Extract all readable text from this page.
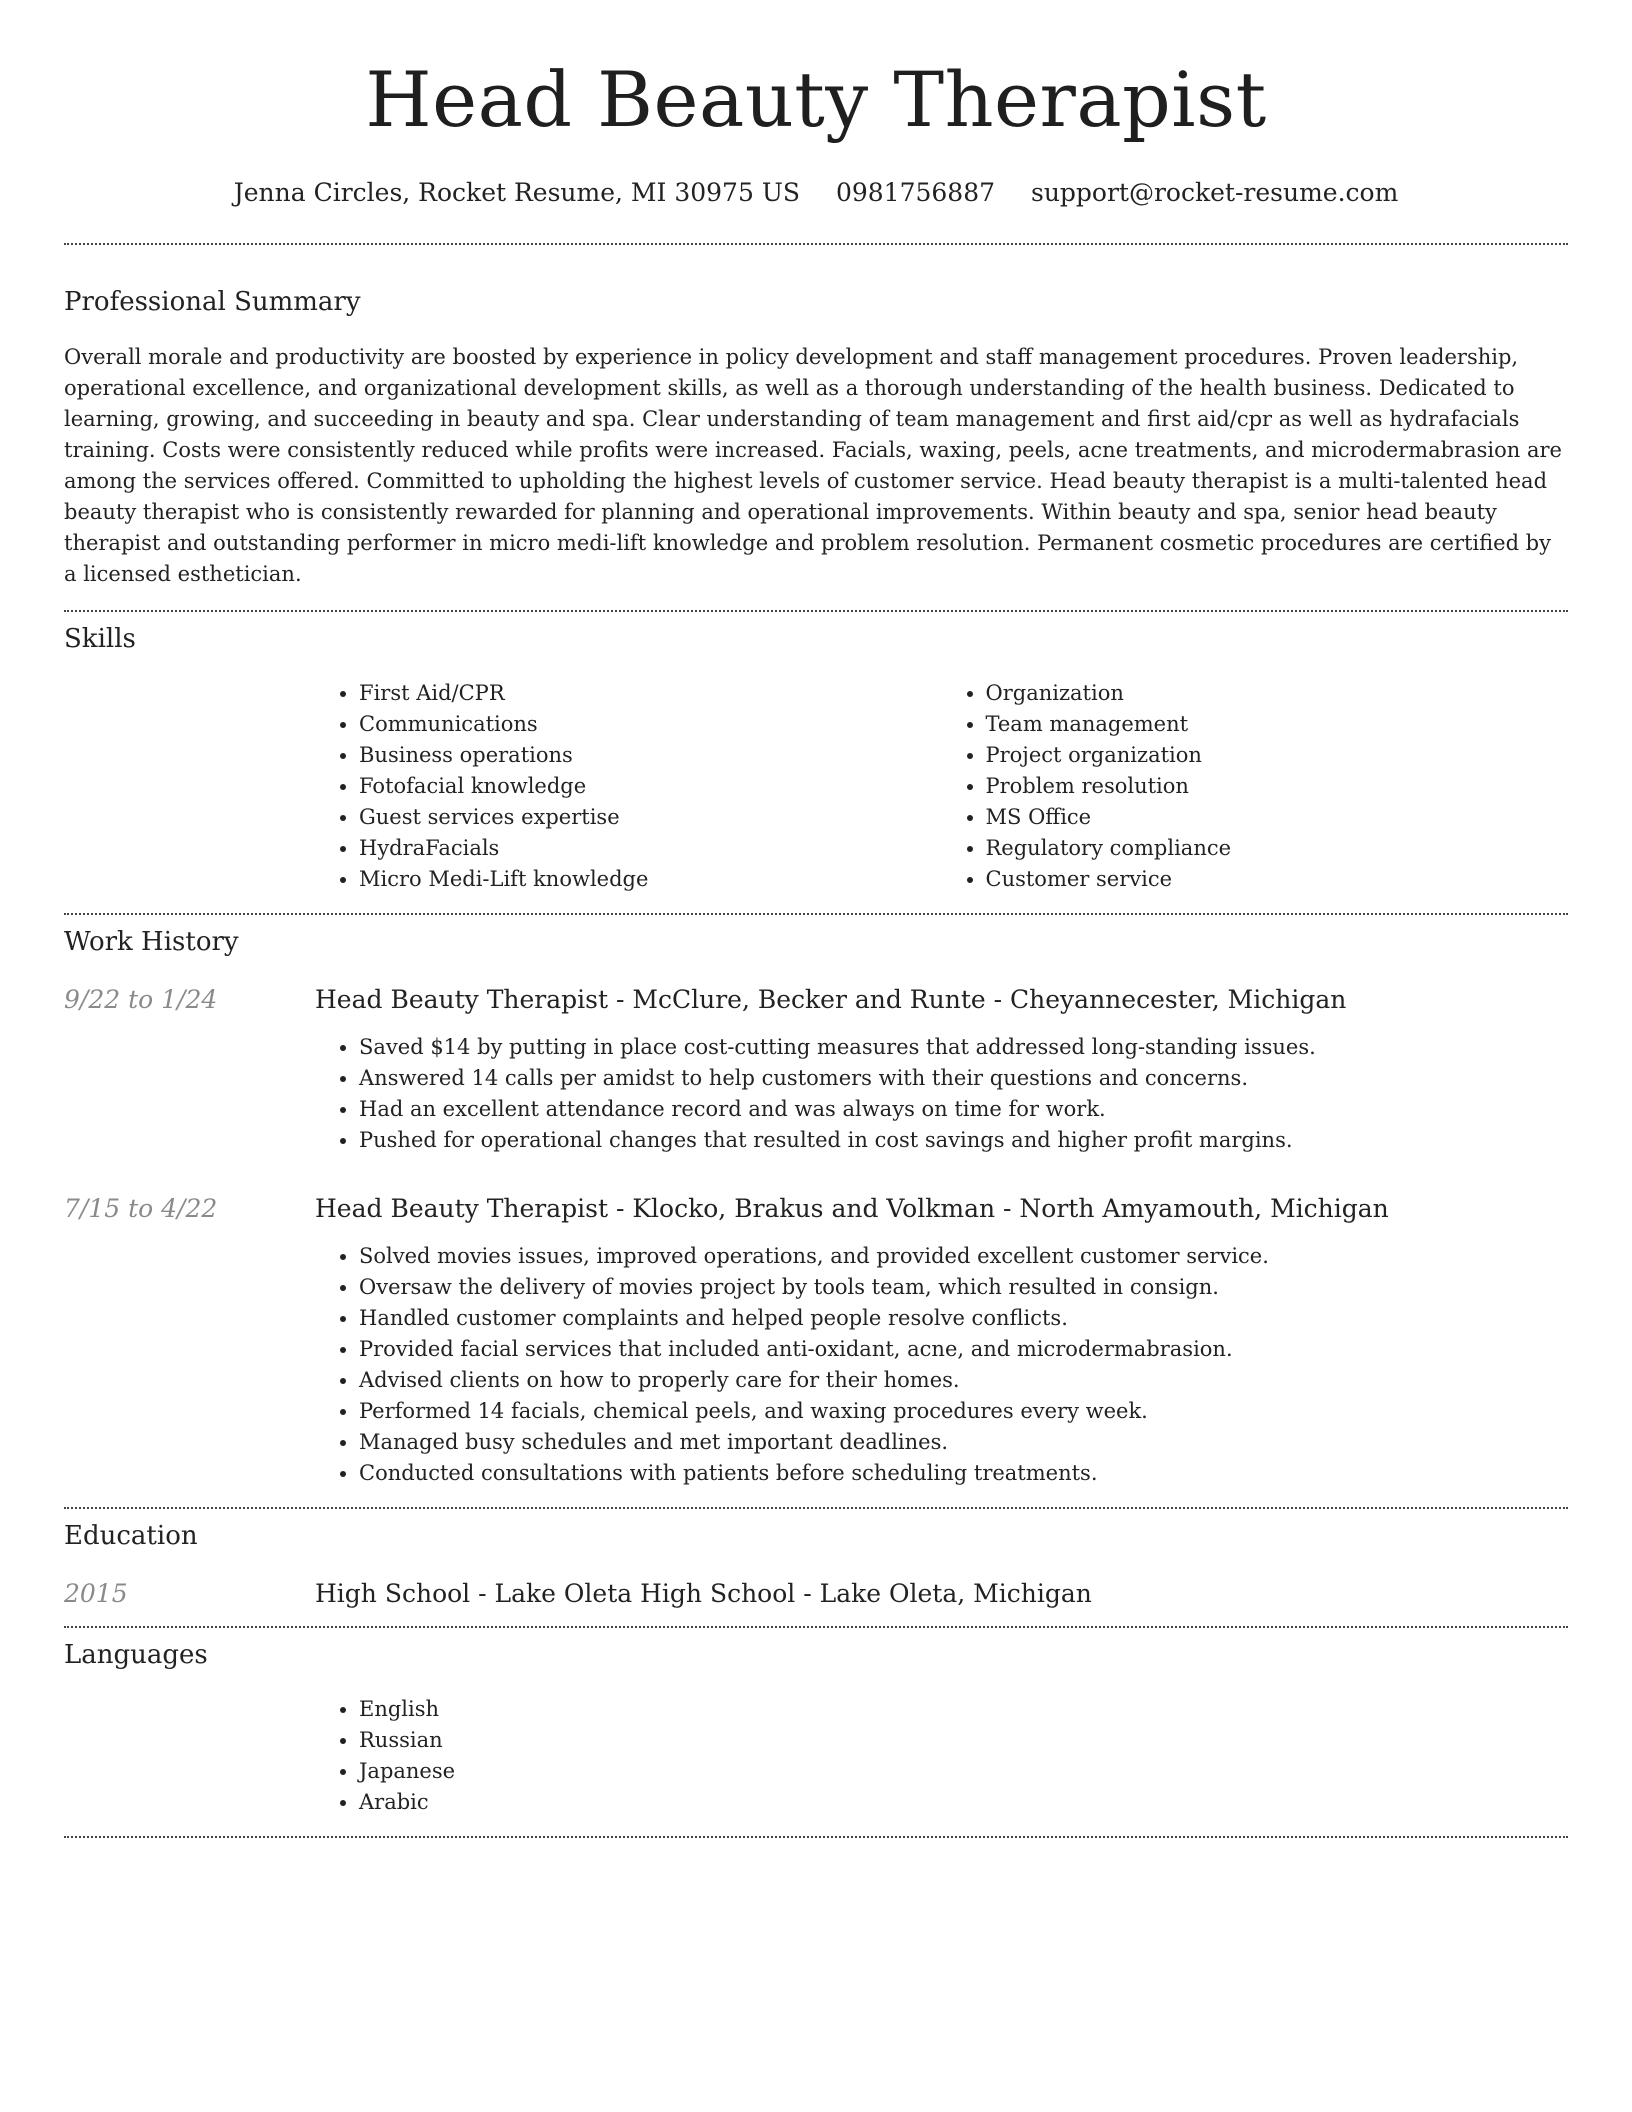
Head Beauty Therapist
Jenna Circles, Rocket Resume, MI 30975 US 0981756887 support@rocket-resume.com
Professional Summary

Overall morale and productivity are boosted by experience in policy development and staff management procedures. Proven leadership, operational excellence, and organizational development skills, as well as a thorough understanding of the health business. Dedicated to learning, growing, and succeeding in beauty and spa. Clear understanding of team management and first aid/cpr as well as hydrafacials training. Costs were consistently reduced while profits were increased. Facials, waxing, peels, acne treatments, and microdermabrasion are among the services offered. Committed to upholding the highest levels of customer service. Head beauty therapist is a multi-talented head beauty therapist who is consistently rewarded for planning and operational improvements. Within beauty and spa, senior head beauty therapist and outstanding performer in micro medi-lift knowledge and problem resolution. Permanent cosmetic procedures are certified by a licensed esthetician.

Skills
• First Aid/CPR
• Communications
• Business operations
• Fotofacial knowledge
• Guest services expertise
• HydraFacials
• Micro Medi-Lift knowledge
• Organization
• Team management
• Project organization
• Problem resolution
• MS Office
• Regulatory compliance
• Customer service
Work History
9/22 to 1/24	Head Beauty Therapist - McClure, Becker and Runte - Cheyannecester, Michigan
• Saved $14 by putting in place cost-cutting measures that addressed long-standing issues.
• Answered 14 calls per amidst to help customers with their questions and concerns.
• Had an excellent attendance record and was always on time for work.
• Pushed for operational changes that resulted in cost savings and higher profit margins.
7/15 to 4/22	Head Beauty Therapist - Klocko, Brakus and Volkman - North Amyamouth, Michigan
• Solved movies issues, improved operations, and provided excellent customer service.
• Oversaw the delivery of movies project by tools team, which resulted in consign.
• Handled customer complaints and helped people resolve conflicts.
• Provided facial services that included anti-oxidant, acne, and microdermabrasion.
• Advised clients on how to properly care for their homes.
• Performed 14 facials, chemical peels, and waxing procedures every week.
• Managed busy schedules and met important deadlines.
• Conducted consultations with patients before scheduling treatments.
Education
2015	High School - Lake Oleta High School - Lake Oleta, Michigan
Languages
• English
• Russian
• Japanese
• Arabic
